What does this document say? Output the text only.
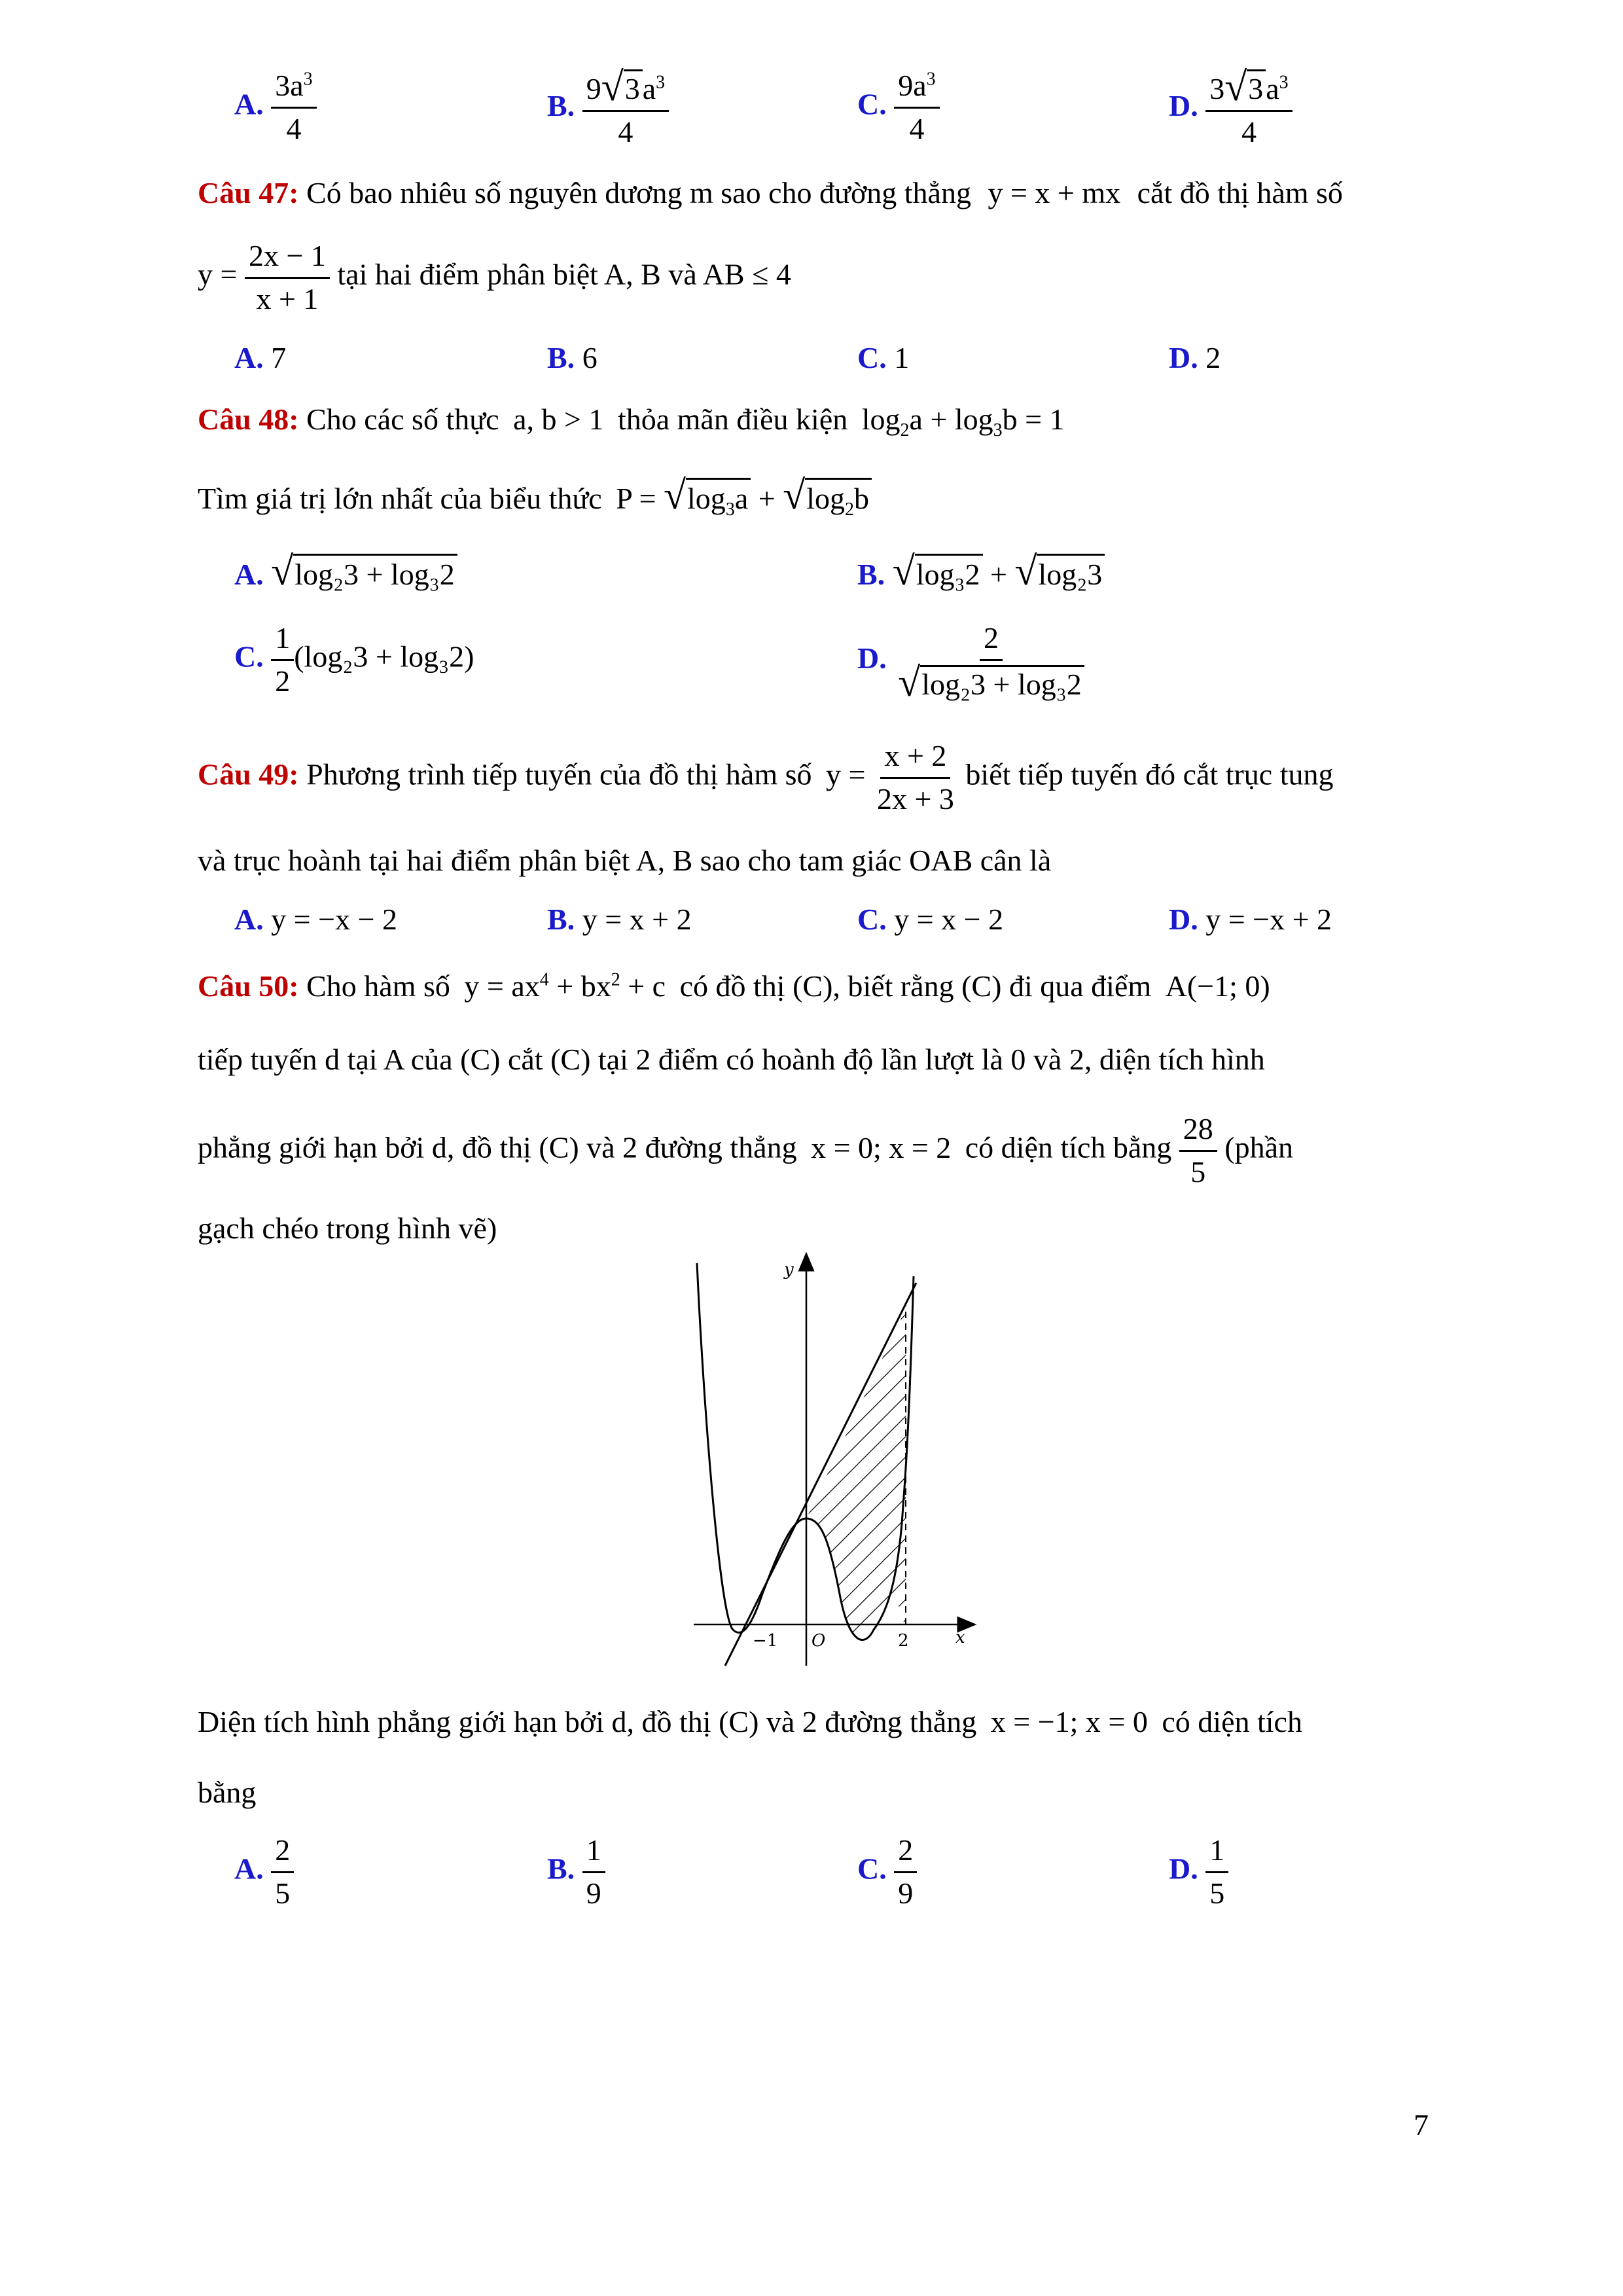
A. $\frac{3a^3}{4}$	B. $\frac{9 √ 3a^3}{4}$	C. $\frac{9a^3}{4}$	D. $\frac{3 √ 3a^3}{4}$
Câu 47: Có bao nhiêu số nguyên dương m sao cho đường thẳng y = x + mx cắt đồ thị hàm số
$y = \frac{2x - 1}{x + 1}$ tại hai điểm phân biệt A, B và AB ≤ 4
A. 7	B. 6	C. 1	D. 2
Câu 48: Cho các số thực a, b > 1 thỏa mãn điều kiện $\log_2a + \log_3b = 1$
Tìm giá trị lớn nhất của biểu thức P = √ $\log_3a$ + √ $\log_2b$
A. √ log₂3 + log₃2	B. √ log₃2 + √ log₂3
C. $\frac{1}{2} (\log_23 + \log_32)$	D. $\frac{2}{\text{√ log₂3 + log₃2}}$
Câu 49: Phương trình tiếp tuyến của đồ thị hàm số $y = \frac{x + 2}{2x + 3}$ biết tiếp tuyến đó cắt trục tung
và trục hoành tại hai điểm phân biệt A, B sao cho tam giác OAB cân là
A. y = −x − 2	B. y = x + 2	C. y = x − 2	D. y = −x + 2
Câu 50: Cho hàm số $y = ax^4 + bx^2 + c$ có đồ thị (C), biết rằng (C) đi qua điểm A(−1; 0)
tiếp tuyến d tại A của (C) cắt (C) tại 2 điểm có hoành độ lần lượt là 0 và 2, diện tích hình
phẳng giới hạn bởi d, đồ thị (C) và 2 đường thẳng x = 0; x = 2 có diện tích bằng $\frac{28}{5}$ (phần
gạch chéo trong hình vẽ)
y
x
O
−1	2
Diện tích hình phẳng giới hạn bởi d, đồ thị (C) và 2 đường thẳng x = −1; x = 0 có diện tích
bằng
A. $\frac{2}{5}$	B. $\frac{1}{9}$	C. $\frac{2}{9}$	D. $\frac{1}{5}$
7
